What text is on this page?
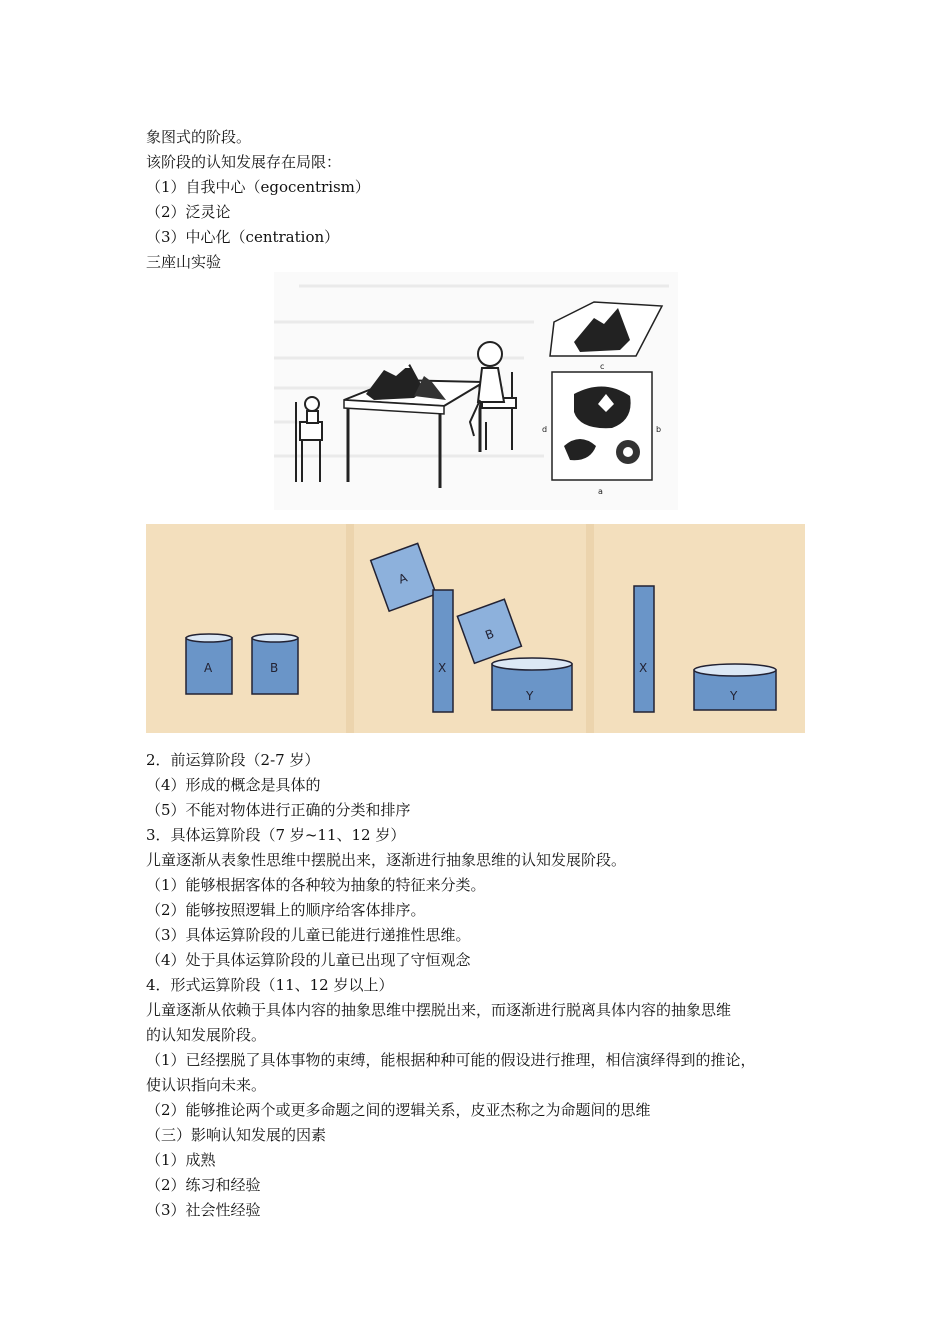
象图式的阶段。
该阶段的认知发展存在局限：
（1）自我中心（egocentrism）
（2）泛灵论
（3）中心化（centration）
三座山实验
c
d	b
a
A	B
A
X
B
Y
X
Y
2．前运算阶段（2-7 岁）
（4）形成的概念是具体的
（5）不能对物体进行正确的分类和排序
3．具体运算阶段（7 岁~11、12 岁）
儿童逐渐从表象性思维中摆脱出来，逐渐进行抽象思维的认知发展阶段。
（1）能够根据客体的各种较为抽象的特征来分类。
（2）能够按照逻辑上的顺序给客体排序。
（3）具体运算阶段的儿童已能进行递推性思维。
（4）处于具体运算阶段的儿童已出现了守恒观念
4．形式运算阶段（11、12 岁以上）
儿童逐渐从依赖于具体内容的抽象思维中摆脱出来，而逐渐进行脱离具体内容的抽象思维
的认知发展阶段。
（1）已经摆脱了具体事物的束缚，能根据种种可能的假设进行推理，相信演绎得到的推论，
使认识指向未来。
（2）能够推论两个或更多命题之间的逻辑关系，皮亚杰称之为命题间的思维
（三）影响认知发展的因素
（1）成熟
（2）练习和经验
（3）社会性经验
